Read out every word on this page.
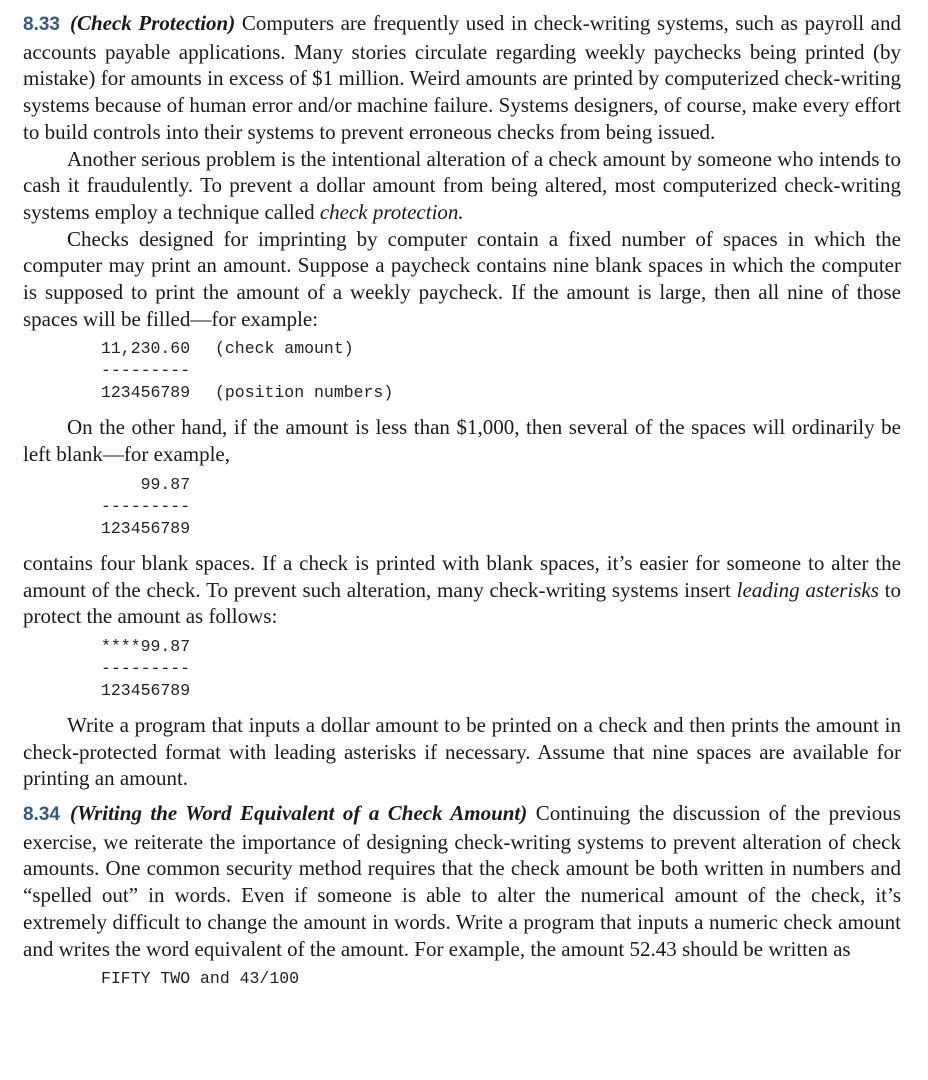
8.33 (Check Protection) Computers are frequently used in check-writing systems, such as payroll and accounts payable applications. Many stories circulate regarding weekly paychecks being printed (by mistake) for amounts in excess of $1 million. Weird amounts are printed by computerized check-writing systems because of human error and/or machine failure. Systems designers, of course, make every effort to build controls into their systems to prevent erroneous checks from being issued.

Another serious problem is the intentional alteration of a check amount by someone who intends to cash it fraudulently. To prevent a dollar amount from being altered, most computerized check-writing systems employ a technique called check protection.

Checks designed for imprinting by computer contain a fixed number of spaces in which the computer may print an amount. Suppose a paycheck contains nine blank spaces in which the computer is supposed to print the amount of a weekly paycheck. If the amount is large, then all nine of those spaces will be filled—for example:

11,230.60	(check amount)
---------
123456789	(position numbers)

On the other hand, if the amount is less than $1,000, then several of the spaces will ordinarily be left blank—for example,

99.87
---------
123456789

contains four blank spaces. If a check is printed with blank spaces, it’s easier for someone to alter the amount of the check. To prevent such alteration, many check-writing systems insert leading asterisks to protect the amount as follows:

****99.87
---------
123456789

Write a program that inputs a dollar amount to be printed on a check and then prints the amount in check-protected format with leading asterisks if necessary. Assume that nine spaces are available for printing an amount.

8.34 (Writing the Word Equivalent of a Check Amount) Continuing the discussion of the previous exercise, we reiterate the importance of designing check-writing systems to prevent alteration of check amounts. One common security method requires that the check amount be both written in numbers and “spelled out” in words. Even if someone is able to alter the numerical amount of the check, it’s extremely difficult to change the amount in words. Write a program that inputs a numeric check amount and writes the word equivalent of the amount. For example, the amount 52.43 should be written as

FIFTY TWO and 43/100
